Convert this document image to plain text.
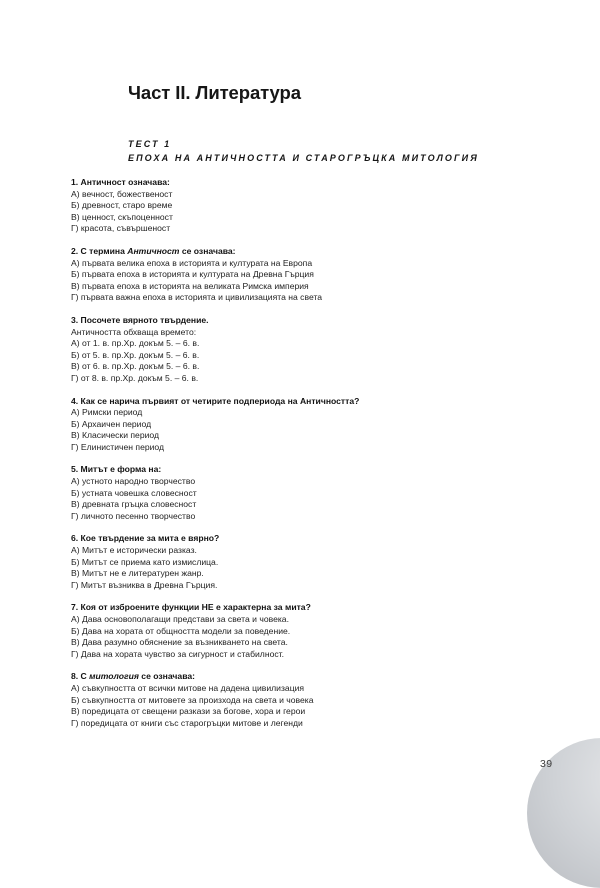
39
Част II. Литература
ТЕСТ 1
ЕПОХА НА АНТИЧНОСТТА И СТАРОГРЪЦКА МИТОЛОГИЯ

1. Античност означава:

А) вечност, божественост

Б) древност, старо време

В) ценност, скъпоценност

Г) красота, съвършеност

2. С термина Античност се означава:

А) първата велика епоха в историята и културата на Европа

Б) първата епоха в историята и културата на Древна Гърция

В) първата епоха в историята на великата Римска империя

Г) първата важна епоха в историята и цивилизацията на света

3. Посочете вярното твърдение.

Античността обхваща времето:

А) от 1. в. пр.Хр. докъм 5. – 6. в.

Б) от 5. в. пр.Хр. докъм 5. – 6. в.

В) от 6. в. пр.Хр. докъм 5. – 6. в.

Г) от 8. в. пр.Хр. докъм 5. – 6. в.

4. Как се нарича първият от четирите подпериода на Античността?

А) Римски период

Б) Архаичен период

В) Класически период

Г) Елинистичен период

5. Митът е форма на:

А) устното народно творчество

Б) устната човешка словесност

В) древната гръцка словесност

Г) личното песенно творчество

6. Кое твърдение за мита е вярно?

А) Митът е исторически разказ.

Б) Митът се приема като измислица.

В) Митът не е литературен жанр.

Г) Митът възниква в Древна Гърция.

7. Коя от изброените функции НЕ е характерна за мита?

А) Дава основополагащи представи за света и човека.

Б) Дава на хората от общността модели за поведение.

В) Дава разумно обяснение за възникването на света.

Г) Дава на хората чувство за сигурност и стабилност.

8. С митология се означава:

А) съвкупността от всички митове на дадена цивилизация

Б) съвкупността от митовете за произхода на света и човека

В) поредицата от свещени разкази за богове, хора и герои

Г) поредицата от книги със старогръцки митове и легенди
